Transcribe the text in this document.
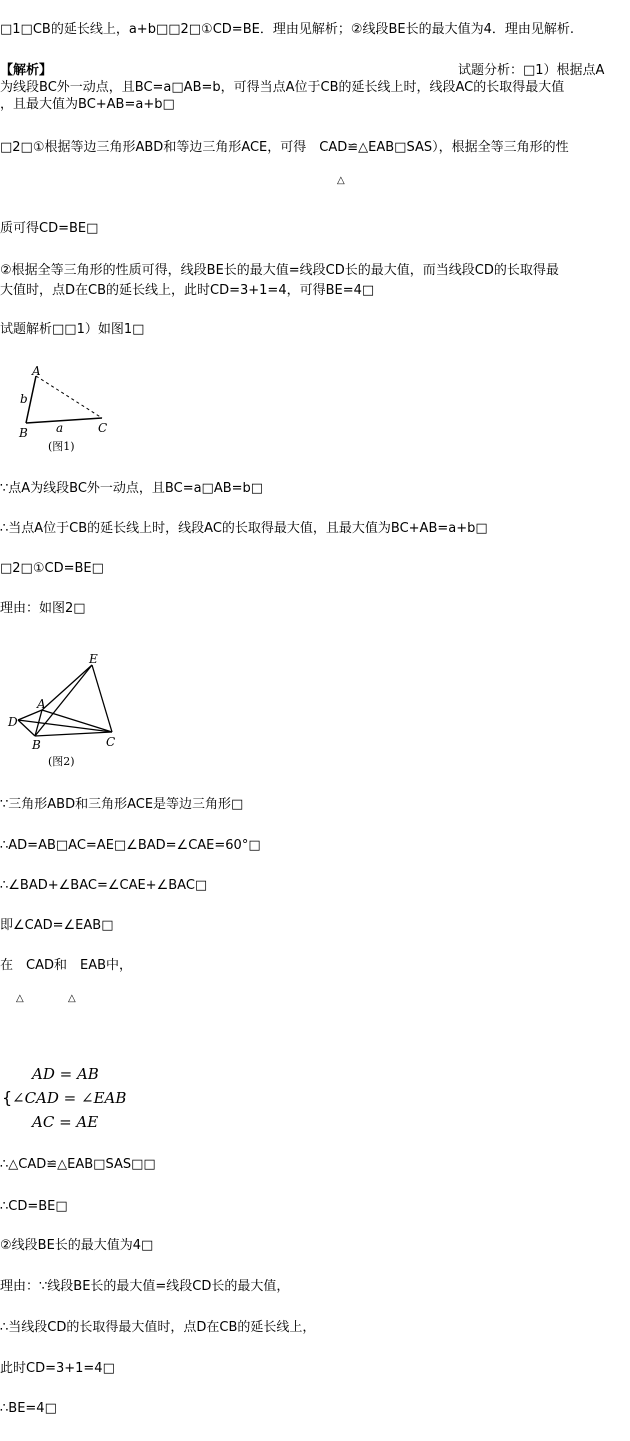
□1□CB的延长线上，a+b□□2□①CD=BE．理由见解析；②线段BE长的最大值为4．理由见解析.
【解析】	试题分析：□1）根据点A
为线段BC外一动点，且BC=a□AB=b，可得当点A位于CB的延长线上时，线段AC的长取得最大值
，且最大值为BC+AB=a+b□
□2□①根据等边三角形ABD和等边三角形ACE，可得　CAD≌△EAB□SAS），根据全等三角形的性
△
质可得CD=BE□
②根据全等三角形的性质可得，线段BE长的最大值=线段CD长的最大值，而当线段CD的长取得最
大值时，点D在CB的延长线上，此时CD=3+1=4，可得BE=4□
试题解析□□1）如图1□
A
B	C
a
b
(图1)
∵点A为线段BC外一动点，且BC=a□AB=b□
∴当点A位于CB的延长线上时，线段AC的长取得最大值，且最大值为BC+AB=a+b□
□2□①CD=BE□
理由：如图2□
E
A
D
B	C
(图2)
∵三角形ABD和三角形ACE是等边三角形□
∴AD=AB□AC=AE□∠BAD=∠CAE=60°□
∴∠BAD+∠BAC=∠CAE+∠BAC□
即∠CAD=∠EAB□
在　CAD和　EAB中，
△	△
AD = AB
{ ∠CAD = ∠EAB
AC = AE
∴△CAD≌△EAB□SAS□□
∴CD=BE□
②线段BE长的最大值为4□
理由：∵线段BE长的最大值=线段CD长的最大值，
∴当线段CD的长取得最大值时，点D在CB的延长线上，
此时CD=3+1=4□
∴BE=4□
